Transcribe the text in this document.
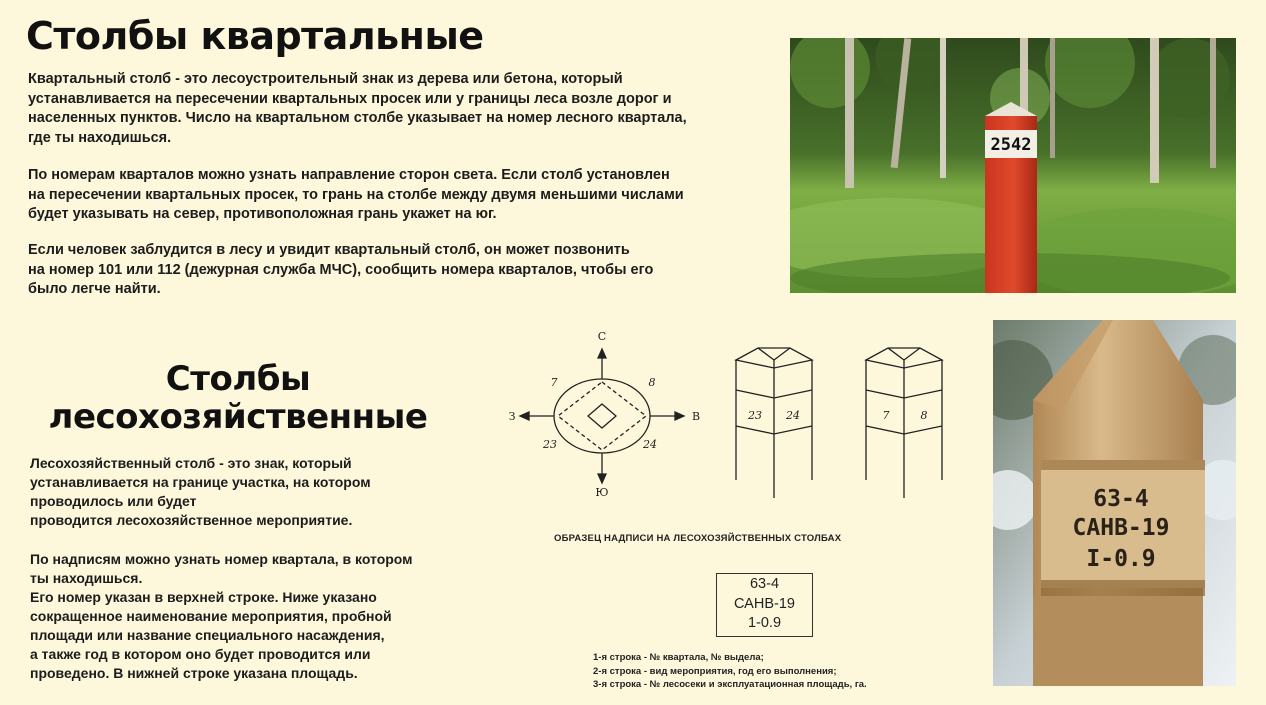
Столбы квартальные

Квартальный столб - это лесоустроительный знак из дерева или бетона, который
устанавливается на пересечении квартальных просек или у границы леса возле дорог и
населенных пунктов. Число на квартальном столбе указывает на номер лесного квартала,
где ты находишься.

По номерам кварталов можно узнать направление сторон света. Если столб установлен
на пересечении квартальных просек, то грань на столбе между двумя меньшими числами
будет указывать на север, противоположная грань укажет на юг.

Если человек заблудится в лесу и увидит квартальный столб, он может позвонить
на номер 101 или 112 (дежурная служба МЧС), сообщить номера кварталов, чтобы его
было легче найти.

2542
Столбы
лесохозяйственные

Лесохозяйственный столб - это знак, который
устанавливается на границе участка, на котором
проводилось или будет
проводится лесохозяйственное мероприятие.

По надписям можно узнать номер квартала, в котором
ты находишься.
Его номер указан в верхней строке. Ниже указано
сокращенное наименование мероприятия, пробной
площади или название специального насаждения,
а также год в котором оно будет проводится или
проведено. В нижней строке указана площадь.

С
Ю
З	В
7	8
23	24
23 24	7	8
ОБРАЗЕЦ НАДПИСИ НА ЛЕСОХОЗЯЙСТВЕННЫХ СТОЛБАХ
63-4
САНВ-19
1-0.9
1-я строка - № квартала, № выдела;
2-я строка - вид мероприятия, год его выполнения;
3-я строка - № лесосеки и эксплуатационная площадь, га.
63-4
САНВ-19
I-0.9
